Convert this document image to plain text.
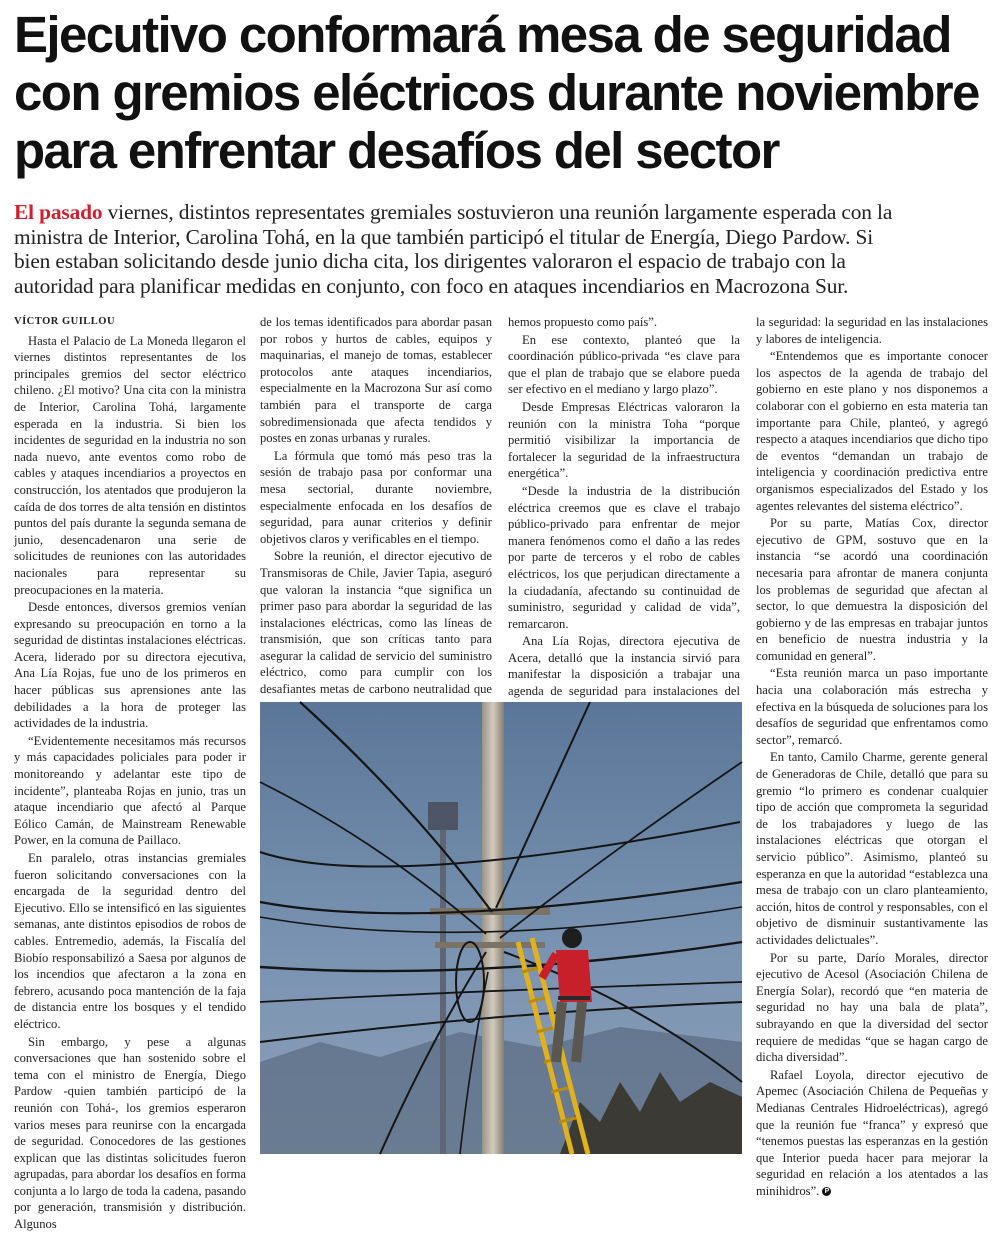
Ejecutivo conformará mesa de seguridad
con gremios eléctricos durante noviembre
para enfrentar desafíos del sector
El pasado viernes, distintos representates gremiales sostuvieron una reunión largamente esperada con la
ministra de Interior, Carolina Tohá, en la que también participó el titular de Energía, Diego Pardow. Si
bien estaban solicitando desde junio dicha cita, los dirigentes valoraron el espacio de trabajo con la
autoridad para planificar medidas en conjunto, con foco en ataques incendiarios en Macrozona Sur.

VÍCTOR GUILLOU

Hasta el Palacio de La Moneda llegaron el viernes distintos representantes de los principales gremios del sector eléctrico chileno. ¿El motivo? Una cita con la ministra de Interior, Carolina Tohá, largamente esperada en la industria. Si bien los incidentes de seguridad en la industria no son nada nuevo, ante eventos como robo de cables y ataques incendiarios a proyectos en construcción, los atentados que produjeron la caída de dos torres de alta tensión en distintos puntos del país durante la segunda semana de junio, desencadenaron una serie de solicitudes de reuniones con las autoridades nacionales para representar su preocupaciones en la materia.

Desde entonces, diversos gremios venían expresando su preocupación en torno a la seguridad de distintas instalaciones eléctricas. Acera, liderado por su directora ejecutiva, Ana Lía Rojas, fue uno de los primeros en hacer públicas sus aprensiones ante las debilidades a la hora de proteger las actividades de la industria.

“Evidentemente necesitamos más recursos y más capacidades policiales para poder ir monitoreando y adelantar este tipo de incidente”, planteaba Rojas en junio, tras un ataque incendiario que afectó al Parque Eólico Camán, de Mainstream Renewable Power, en la comuna de Paillaco.

En paralelo, otras instancias gremiales fueron solicitando conversaciones con la encargada de la seguridad dentro del Ejecutivo. Ello se intensificó en las siguientes semanas, ante distintos episodios de robos de cables. Entremedio, además, la Fiscalía del Biobío responsabilizó a Saesa por algunos de los incendios que afectaron a la zona en febrero, acusando poca mantención de la faja de distancia entre los bosques y el tendido eléctrico.

Sin embargo, y pese a algunas conversaciones que han sostenido sobre el tema con el ministro de Energía, Diego Pardow -quien también participó de la reunión con Tohá-, los gremios esperaron varios meses para reunirse con la encargada de seguridad. Conocedores de las gestiones explican que las distintas solicitudes fueron agrupadas, para abordar los desafíos en forma conjunta a lo largo de toda la cadena, pasando por generación, transmisión y distribución. Algunos

de los temas identificados para abordar pasan por robos y hurtos de cables, equipos y maquinarias, el manejo de tomas, establecer protocolos ante ataques incendiarios, especialmente en la Macrozona Sur así como también para el transporte de carga sobredimensionada que afecta tendidos y postes en zonas urbanas y rurales.

La fórmula que tomó más peso tras la sesión de trabajo pasa por conformar una mesa sectorial, durante noviembre, especialmente enfocada en los desafíos de seguridad, para aunar criterios y definir objetivos claros y verificables en el tiempo.

Sobre la reunión, el director ejecutivo de Transmisoras de Chile, Javier Tapia, aseguró que valoran la instancia “que significa un primer paso para abordar la seguridad de las instalaciones eléctricas, como las líneas de transmisión, que son críticas tanto para asegurar la calidad de servicio del suministro eléctrico, como para cumplir con los desafiantes metas de carbono neutralidad que

hemos propuesto como país”.

En ese contexto, planteó que la coordinación público-privada “es clave para que el plan de trabajo que se elabore pueda ser efectivo en el mediano y largo plazo”.

Desde Empresas Eléctricas valoraron la reunión con la ministra Toha “porque permitió visibilizar la importancia de fortalecer la seguridad de la infraestructura energética”.

“Desde la industria de la distribución eléctrica creemos que es clave el trabajo público-privado para enfrentar de mejor manera fenómenos como el daño a las redes por parte de terceros y el robo de cables eléctricos, los que perjudican directamente a la ciudadanía, afectando su continuidad de suministro, seguridad y calidad de vida”, remarcaron.

Ana Lía Rojas, directora ejecutiva de Acera, detalló que la instancia sirvió para manifestar la disposición a trabajar una agenda de seguridad para instalaciones del

la seguridad: la seguridad en las instalaciones y labores de inteligencia.

“Entendemos que es importante conocer los aspectos de la agenda de trabajo del gobierno en este plano y nos disponemos a colaborar con el gobierno en esta materia tan importante para Chile, planteó, y agregó respecto a ataques incendiarios que dicho tipo de eventos “demandan un trabajo de inteligencia y coordinación predictiva entre organismos especializados del Estado y los agentes relevantes del sistema eléctrico”.

Por su parte, Matías Cox, director ejecutivo de GPM, sostuvo que en la instancia “se acordó una coordinación necesaria para afrontar de manera conjunta los problemas de seguridad que afectan al sector, lo que demuestra la disposición del gobierno y de las empresas en trabajar juntos en beneficio de nuestra industria y la comunidad en general”.

“Esta reunión marca un paso importante hacia una colaboración más estrecha y efectiva en la búsqueda de soluciones para los desafíos de seguridad que enfrentamos como sector”, remarcó.

En tanto, Camilo Charme, gerente general de Generadoras de Chile, detalló que para su gremio “lo primero es condenar cualquier tipo de acción que comprometa la seguridad de los trabajadores y luego de las instalaciones eléctricas que otorgan el servicio público”. Asimismo, planteó su esperanza en que la autoridad “establezca una mesa de trabajo con un claro planteamiento, acción, hitos de control y responsables, con el objetivo de disminuir sustantivamente las actividades delictuales”.

Por su parte, Darío Morales, director ejecutivo de Acesol (Asociación Chilena de Energía Solar), recordó que “en materia de seguridad no hay una bala de plata”, subrayando en que la diversidad del sector requiere de medidas “que se hagan cargo de dicha diversidad”.

Rafael Loyola, director ejecutivo de Apemec (Asociación Chilena de Pequeñas y Medianas Centrales Hidroeléctricas), agregó que la reunión fue “franca” y expresó que “tenemos puestas las esperanzas en la gestión que Interior pueda hacer para mejorar la seguridad en relación a los atentados a las minihidros”. P
